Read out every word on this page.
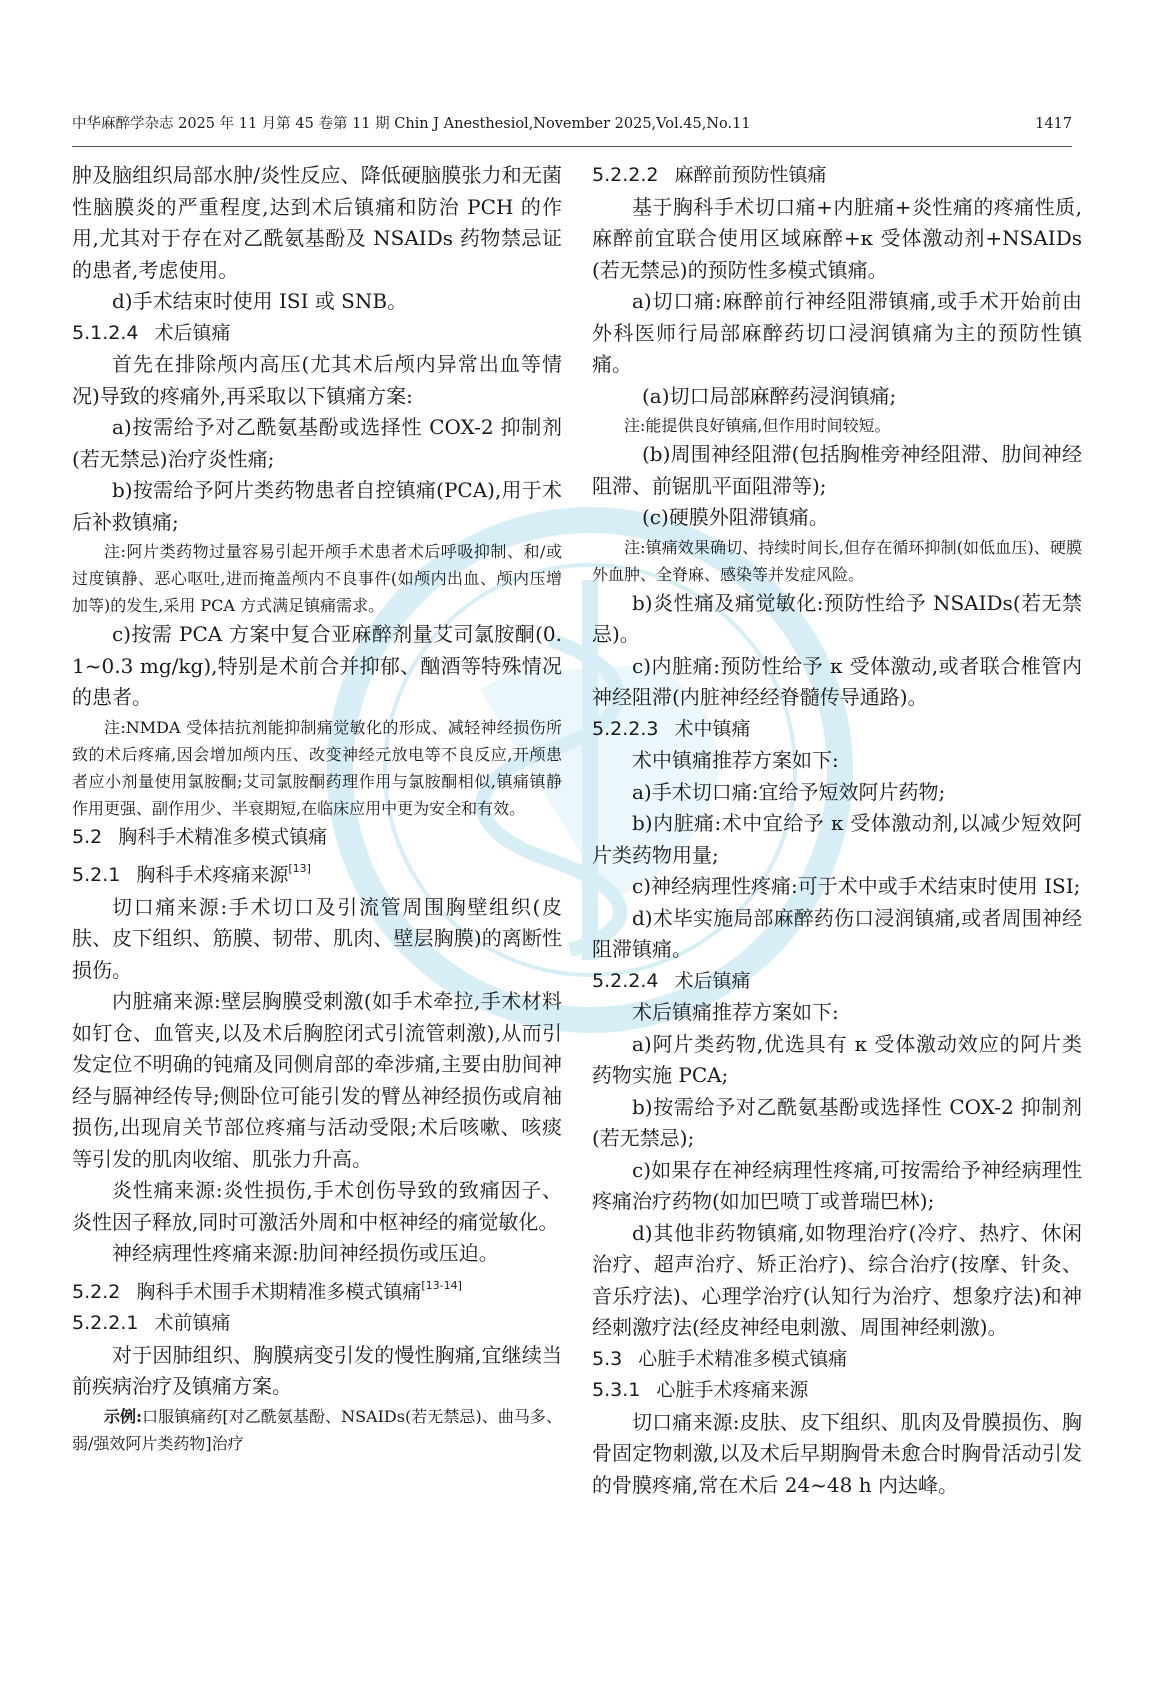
中华麻醉学杂志 2025 年 11 月第 45 卷第 11 期 Chin J Anesthesiol,November 2025,Vol.45,No.11	1417

肿及脑组织局部水肿/炎性反应、降低硬脑膜张力和无菌性脑膜炎的严重程度,达到术后镇痛和防治 PCH 的作用,尤其对于存在对乙酰氨基酚及 NSAIDs 药物禁忌证的患者,考虑使用。

d)手术结束时使用 ISI 或 SNB。

5.1.2.4 术后镇痛

首先在排除颅内高压(尤其术后颅内异常出血等情况)导致的疼痛外,再采取以下镇痛方案:

a)按需给予对乙酰氨基酚或选择性 COX-2 抑制剂(若无禁忌)治疗炎性痛;

b)按需给予阿片类药物患者自控镇痛(PCA),用于术后补救镇痛;

注:阿片类药物过量容易引起开颅手术患者术后呼吸抑制、和/或过度镇静、恶心呕吐,进而掩盖颅内不良事件(如颅内出血、颅内压增加等)的发生,采用 PCA 方式满足镇痛需求。

c)按需 PCA 方案中复合亚麻醉剂量艾司氯胺酮(0.1~0.3 mg/kg),特别是术前合并抑郁、酗酒等特殊情况的患者。

注:NMDA 受体拮抗剂能抑制痛觉敏化的形成、减轻神经损伤所致的术后疼痛,因会增加颅内压、改变神经元放电等不良反应,开颅患者应小剂量使用氯胺酮;艾司氯胺酮药理作用与氯胺酮相似,镇痛镇静作用更强、副作用少、半衰期短,在临床应用中更为安全和有效。

5.2 胸科手术精准多模式镇痛

5.2.1 胸科手术疼痛来源[13]

切口痛来源:手术切口及引流管周围胸壁组织(皮肤、皮下组织、筋膜、韧带、肌肉、壁层胸膜)的离断性损伤。

内脏痛来源:壁层胸膜受刺激(如手术牵拉,手术材料如钉仓、血管夹,以及术后胸腔闭式引流管刺激),从而引发定位不明确的钝痛及同侧肩部的牵涉痛,主要由肋间神经与膈神经传导;侧卧位可能引发的臂丛神经损伤或肩袖损伤,出现肩关节部位疼痛与活动受限;术后咳嗽、咳痰等引发的肌肉收缩、肌张力升高。

炎性痛来源:炎性损伤,手术创伤导致的致痛因子、炎性因子释放,同时可激活外周和中枢神经的痛觉敏化。

神经病理性疼痛来源:肋间神经损伤或压迫。

5.2.2 胸科手术围手术期精准多模式镇痛[13-14]

5.2.2.1 术前镇痛

对于因肺组织、胸膜病变引发的慢性胸痛,宜继续当前疾病治疗及镇痛方案。

示例:口服镇痛药[对乙酰氨基酚、NSAIDs(若无禁忌)、曲马多、弱/强效阿片类药物]治疗

5.2.2.2 麻醉前预防性镇痛

基于胸科手术切口痛+内脏痛+炎性痛的疼痛性质,麻醉前宜联合使用区域麻醉+κ 受体激动剂+NSAIDs(若无禁忌)的预防性多模式镇痛。

a)切口痛:麻醉前行神经阻滞镇痛,或手术开始前由外科医师行局部麻醉药切口浸润镇痛为主的预防性镇痛。

(a)切口局部麻醉药浸润镇痛;

注:能提供良好镇痛,但作用时间较短。

(b)周围神经阻滞(包括胸椎旁神经阻滞、肋间神经阻滞、前锯肌平面阻滞等);

(c)硬膜外阻滞镇痛。

注:镇痛效果确切、持续时间长,但存在循环抑制(如低血压)、硬膜外血肿、全脊麻、感染等并发症风险。

b)炎性痛及痛觉敏化:预防性给予 NSAIDs(若无禁忌)。

c)内脏痛:预防性给予 κ 受体激动,或者联合椎管内神经阻滞(内脏神经经脊髓传导通路)。

5.2.2.3 术中镇痛

术中镇痛推荐方案如下:

a)手术切口痛:宜给予短效阿片药物;

b)内脏痛:术中宜给予 κ 受体激动剂,以减少短效阿片类药物用量;

c)神经病理性疼痛:可于术中或手术结束时使用 ISI;

d)术毕实施局部麻醉药伤口浸润镇痛,或者周围神经阻滞镇痛。

5.2.2.4 术后镇痛

术后镇痛推荐方案如下:

a)阿片类药物,优选具有 κ 受体激动效应的阿片类药物实施 PCA;

b)按需给予对乙酰氨基酚或选择性 COX-2 抑制剂(若无禁忌);

c)如果存在神经病理性疼痛,可按需给予神经病理性疼痛治疗药物(如加巴喷丁或普瑞巴林);

d)其他非药物镇痛,如物理治疗(冷疗、热疗、休闲治疗、超声治疗、矫正治疗)、综合治疗(按摩、针灸、音乐疗法)、心理学治疗(认知行为治疗、想象疗法)和神经刺激疗法(经皮神经电刺激、周围神经刺激)。

5.3 心脏手术精准多模式镇痛

5.3.1 心脏手术疼痛来源

切口痛来源:皮肤、皮下组织、肌肉及骨膜损伤、胸骨固定物刺激,以及术后早期胸骨未愈合时胸骨活动引发的骨膜疼痛,常在术后 24~48 h 内达峰。
